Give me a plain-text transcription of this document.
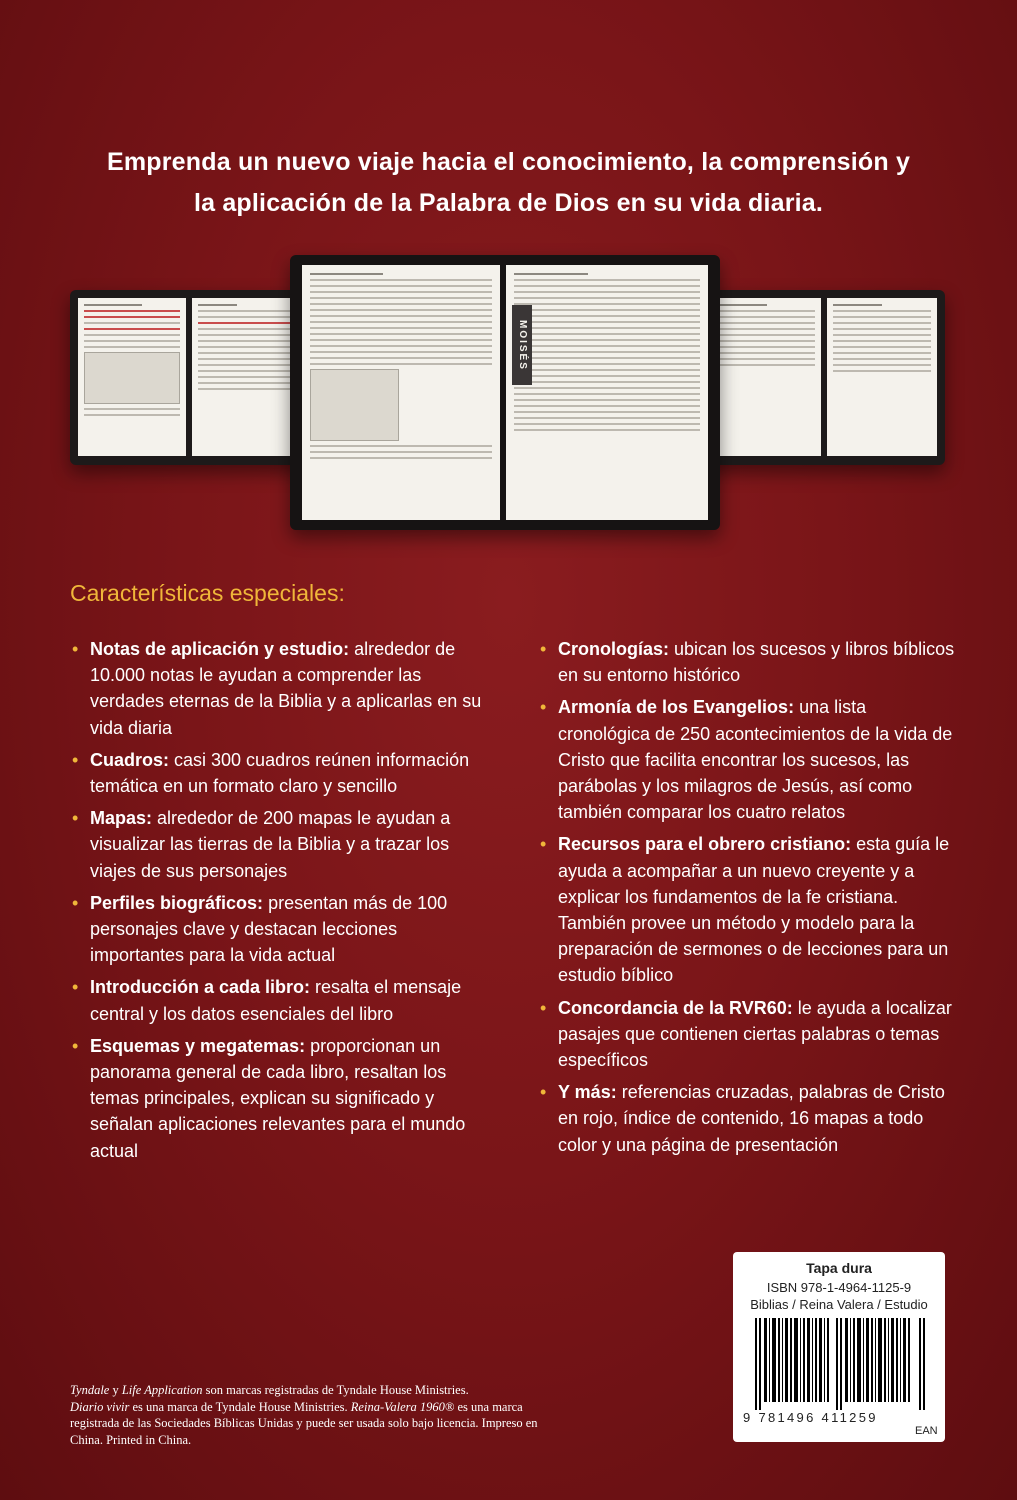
Emprenda un nuevo viaje hacia el conocimiento, la comprensión y
la aplicación de la Palabra de Dios en su vida diaria.
MOISÉS
Características especiales:
• Notas de aplicación y estudio: alrededor de 10.000 notas le ayudan a comprender las verdades eternas de la Biblia y a aplicarlas en su vida diaria
• Cuadros: casi 300 cuadros reúnen información temática en un formato claro y sencillo
• Mapas: alrededor de 200 mapas le ayudan a visualizar las tierras de la Biblia y a trazar los viajes de sus personajes
• Perfiles biográficos: presentan más de 100 personajes clave y destacan lecciones importantes para la vida actual
• Introducción a cada libro: resalta el mensaje central y los datos esenciales del libro
• Esquemas y megatemas: proporcionan un panorama general de cada libro, resaltan los temas principales, explican su significado y señalan aplicaciones relevantes para el mundo actual
• Cronologías: ubican los sucesos y libros bíblicos en su entorno histórico
• Armonía de los Evangelios: una lista cronológica de 250 acontecimientos de la vida de Cristo que facilita encontrar los sucesos, las parábolas y los milagros de Jesús, así como también comparar los cuatro relatos
• Recursos para el obrero cristiano: esta guía le ayuda a acompañar a un nuevo creyente y a explicar los fundamentos de la fe cristiana. También provee un método y modelo para la preparación de sermones o de lecciones para un estudio bíblico
• Concordancia de la RVR60: le ayuda a localizar pasajes que contienen ciertas palabras o temas específicos
• Y más: referencias cruzadas, palabras de Cristo en rojo, índice de contenido, 16 mapas a todo color y una página de presentación
Tyndale y Life Application son marcas registradas de Tyndale House Ministries.
Diario vivir es una marca de Tyndale House Ministries. Reina-Valera 1960® es una marca
registrada de las Sociedades Bíblicas Unidas y puede ser usada solo bajo licencia. Impreso en
China. Printed in China.
Tapa dura
ISBN 978-1-4964-1125-9
Biblias / Reina Valera / Estudio
9 781496 411259
EAN
